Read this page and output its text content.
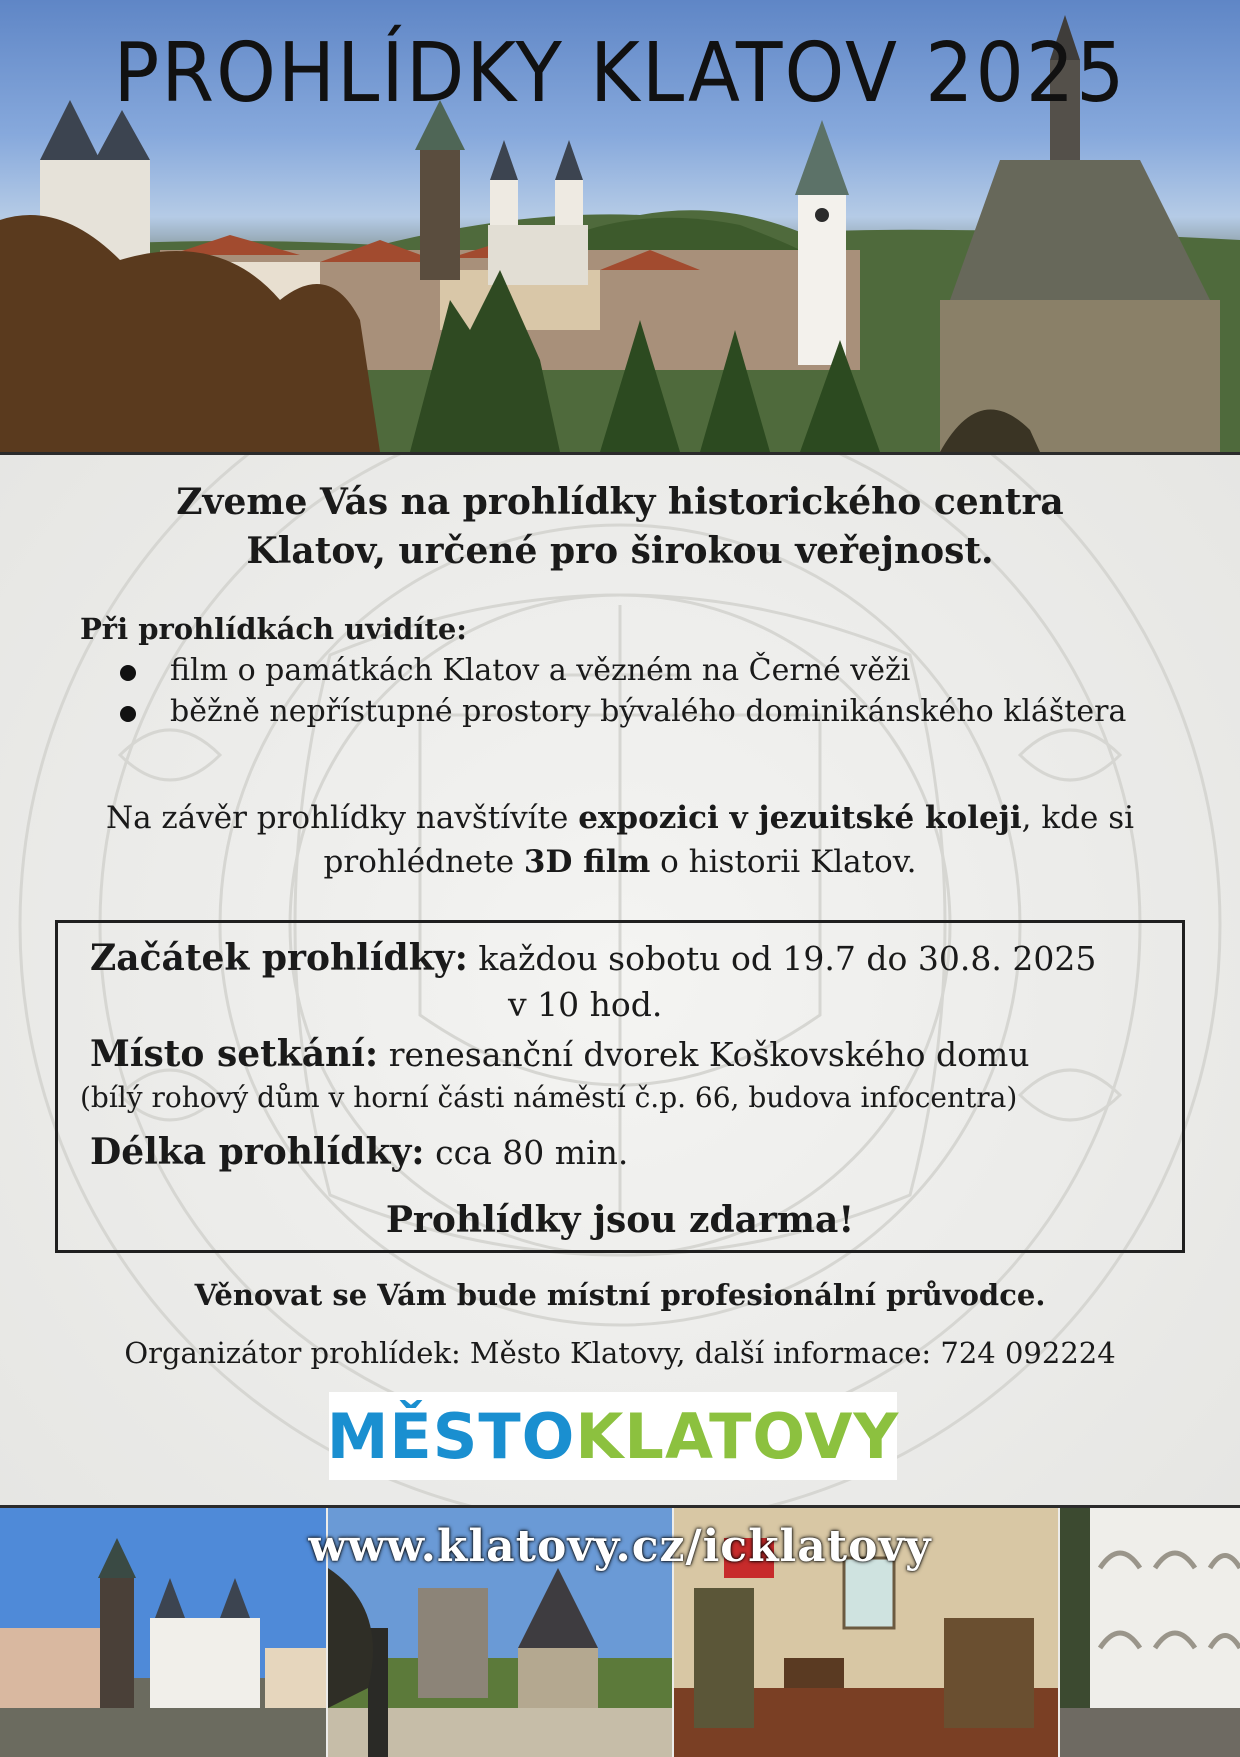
PROHLÍDKY KLATOV 2025
Zveme Vás na prohlídky historického centra
Klatov, určené pro širokou veřejnost.
Při prohlídkách uvidíte:
film o památkách Klatov a vězném na Černé věži
běžně nepřístupné prostory bývalého dominikánského kláštera
Na závěr prohlídky navštívíte expozici v jezuitské koleji, kde si prohlédnete 3D film o historii Klatov.
Začátek prohlídky: každou sobotu od 19.7 do 30.8. 2025
v 10 hod.
Místo setkání: renesanční dvorek Koškovského domu
(bílý rohový dům v horní části náměstí č.p. 66, budova infocentra)
Délka prohlídky: cca 80 min.
Prohlídky jsou zdarma!
Věnovat se Vám bude místní profesionální průvodce.
Organizátor prohlídek: Město Klatovy, další informace: 724 092224
MĚSTO KLATOVY
www.klatovy.cz/icklatovy
